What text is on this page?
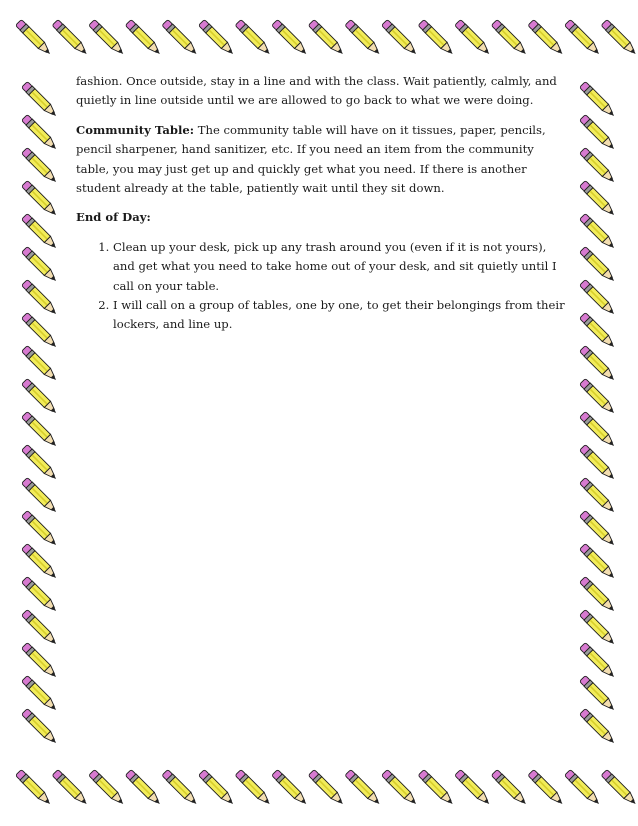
fashion. Once outside, stay in a line and with the class. Wait patiently, calmly, and quietly in line outside until we are allowed to go back to what we were doing.

Community Table: The community table will have on it tissues, paper, pencils, pencil sharpener, hand sanitizer, etc. If you need an item from the community table, you may just get up and quickly get what you need. If there is another student already at the table, patiently wait until they sit down.

End of Day:

1. Clean up your desk, pick up any trash around you (even if it is not yours), and get what you need to take home out of your desk, and sit quietly until I call on your table.
2. I will call on a group of tables, one by one, to get their belongings from their lockers, and line up.
